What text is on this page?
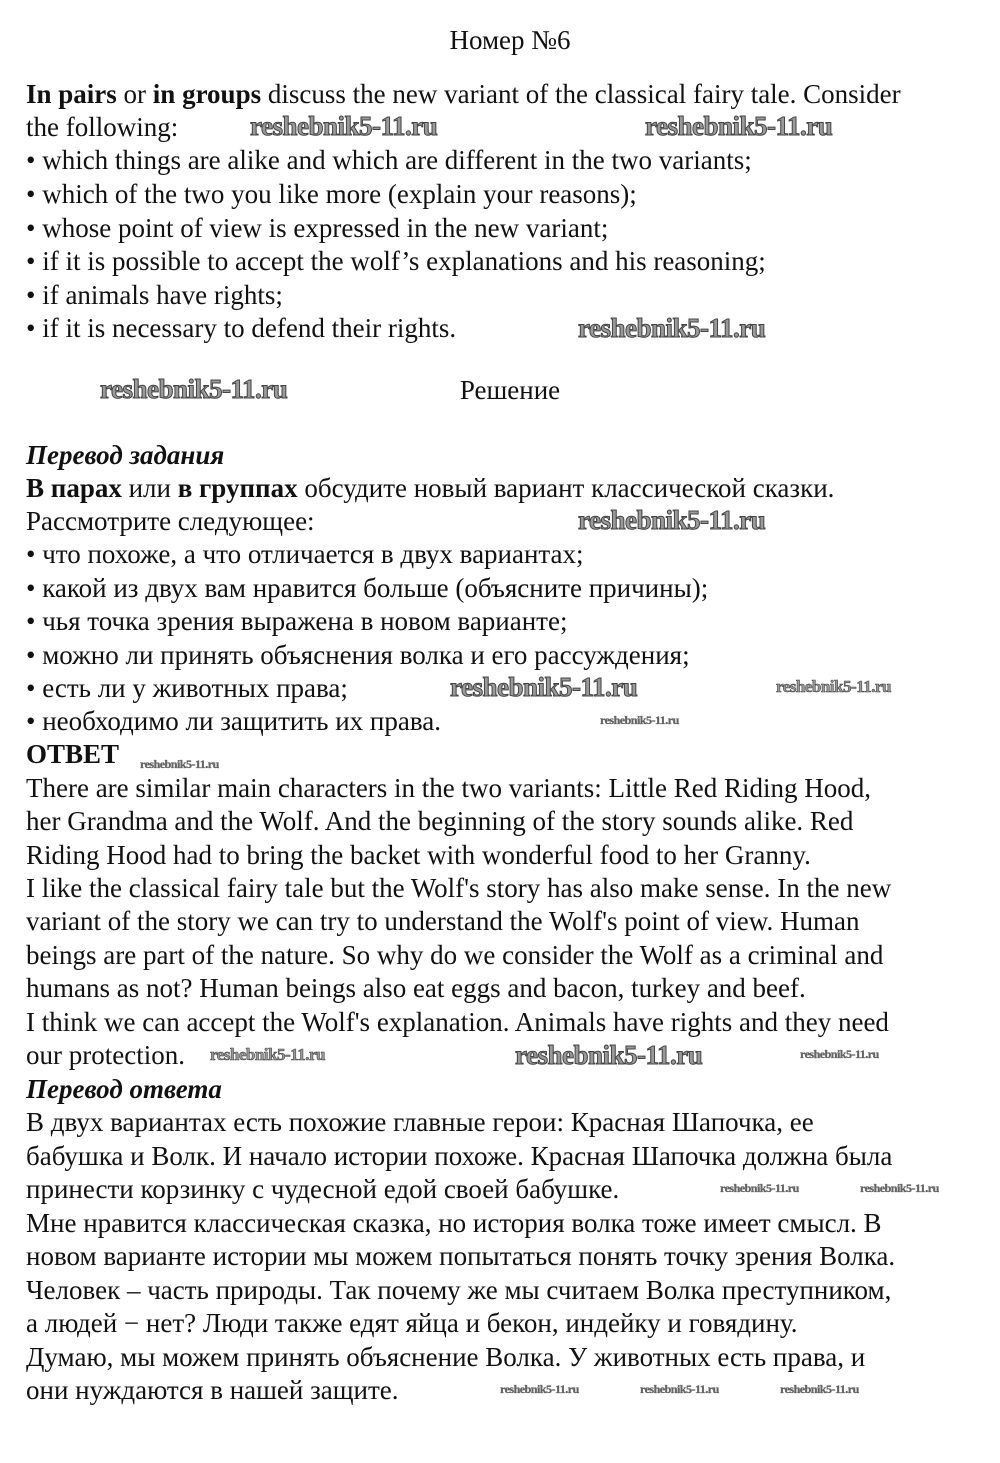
Номер №6
In pairs or in groups discuss the new variant of the classical fairy tale. Consider
the following:
• which things are alike and which are different in the two variants;
• which of the two you like more (explain your reasons);
• whose point of view is expressed in the new variant;
• if it is possible to accept the wolf’s explanations and his reasoning;
• if animals have rights;
• if it is necessary to defend their rights.
Решение
Перевод задания
В парах или в группах обсудите новый вариант классической сказки.
Рассмотрите следующее:
• что похоже, а что отличается в двух вариантах;
• какой из двух вам нравится больше (объясните причины);
• чья точка зрения выражена в новом варианте;
• можно ли принять объяснения волка и его рассуждения;
• есть ли у животных права;
• необходимо ли защитить их права.
ОТВЕТ
There are similar main characters in the two variants: Little Red Riding Hood,
her Grandma and the Wolf. And the beginning of the story sounds alike. Red
Riding Hood had to bring the backet with wonderful food to her Granny.
I like the classical fairy tale but the Wolf's story has also make sense. In the new
variant of the story we can try to understand the Wolf's point of view. Human
beings are part of the nature. So why do we consider the Wolf as a criminal and
humans as not? Human beings also eat eggs and bacon, turkey and beef.
I think we can accept the Wolf's explanation. Animals have rights and they need
our protection.
Перевод ответа
В двух вариантах есть похожие главные герои: Красная Шапочка, ее
бабушка и Волк. И начало истории похоже. Красная Шапочка должна была
принести корзинку с чудесной едой своей бабушке.
Мне нравится классическая сказка, но история волка тоже имеет смысл. В
новом варианте истории мы можем попытаться понять точку зрения Волка.
Человек – часть природы. Так почему же мы считаем Волка преступником,
а людей − нет? Люди также едят яйца и бекон, индейку и говядину.
Думаю, мы можем принять объяснение Волка. У животных есть права, и
они нуждаются в нашей защите.
reshebnik5-11.ru	reshebnik5-11.ru
reshebnik5-11.ru
reshebnik5-11.ru
reshebnik5-11.ru
reshebnik5-11.ru	reshebnik5-11.ru
reshebnik5-11.ru
reshebnik5-11.ru
reshebnik5-11.ru	reshebnik5-11.ru	reshebnik5-11.ru
reshebnik5-11.ru	reshebnik5-11.ru
reshebnik5-11.ru	reshebnik5-11.ru	reshebnik5-11.ru
